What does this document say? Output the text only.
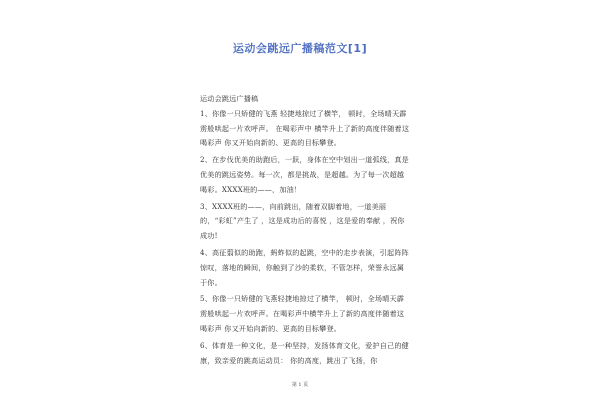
运动会跳远广播稿范文[1]

运动会跳远广播稿

1、你像一只矫健的飞燕 轻捷地掠过了横竿， 顿时，全场晴天霹雳般哄起一片欢呼声。 在喝彩声中 横竿升上了新的高度伴随着这喝彩声 你又开始向新的、更高的目标攀登。

2、在步伐优美的助跑后，一跃，身体在空中划出一道弧线，真是优美的跳远姿势。每一次，都是挑战，是超越。为了每一次超越喝彩。XXXX班的——，加油！

3、XXXX班的——，向前跳出，随着双脚着地，一道美丽的，“彩虹”产生了 ，这是成功后的喜悦 ，这是爱的奉献 ，祝你成功!

4、高征翦似的助跑，蚂蚱似的起跳，空中的走步表演，引起阵阵惊叹，落地的瞬间，你触到了沙的柔软，不管怎样，荣誉永远属于你。

5、你像一只矫健的飞燕轻捷地掠过了横竿， 顿时，全场晴天霹雳般哄起一片欢呼声。在喝彩声中横竿升上了新的高度伴随着这喝彩声 你又开始向新的、更高的目标攀登。

6、体育是一种文化，是一种坚持，发扬体育文化，爱护自己的健康，致亲爱的跳高运动员： 你的高度，跳出了飞扬，你

第 1 页
